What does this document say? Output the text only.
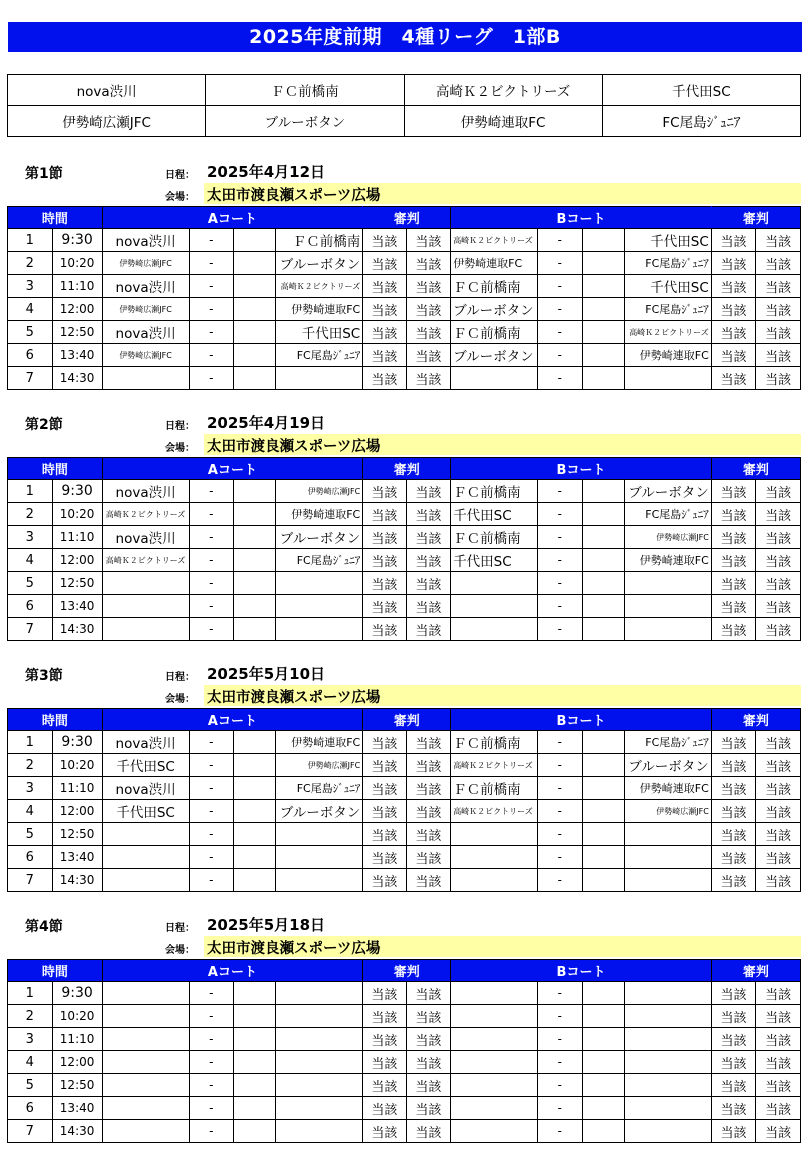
2025年度前期　4種リーグ　1部B
nova渋川	ＦＣ前橋南	高崎Ｋ２ビクトリーズ	千代田SC
伊勢崎広瀬JFC	ブルーボタン	伊勢崎連取FC	FC尾島ｼﾞｭﾆｱ
第1節	日程： 2025年4月12日
会場： 太田市渡良瀬スポーツ広場
時間		Aコート				審判		Bコート				審判	
1	9:30	nova渋川	-		ＦＣ前橋南	当該	当該	高崎Ｋ２ビクトリーズ	-		千代田SC	当該	当該
2	10:20	伊勢崎広瀬JFC	-		ブルーボタン	当該	当該	伊勢崎連取FC	-		FC尾島ｼﾞｭﾆｱ	当該	当該
3	11:10	nova渋川	-		高崎Ｋ２ビクトリーズ	当該	当該	ＦＣ前橋南	-		千代田SC	当該	当該
4	12:00	伊勢崎広瀬JFC	-		伊勢崎連取FC	当該	当該	ブルーボタン	-		FC尾島ｼﾞｭﾆｱ	当該	当該
5	12:50	nova渋川	-		千代田SC	当該	当該	ＦＣ前橋南	-		高崎Ｋ２ビクトリーズ	当該	当該
6	13:40	伊勢崎広瀬JFC	-		FC尾島ｼﾞｭﾆｱ	当該	当該	ブルーボタン	-		伊勢崎連取FC	当該	当該
7	14:30		-			当該	当該		-			当該	当該
第2節	日程： 2025年4月19日
会場： 太田市渡良瀬スポーツ広場
時間		Aコート				審判		Bコート				審判	
1	9:30	nova渋川	-		伊勢崎広瀬JFC	当該	当該	ＦＣ前橋南	-		ブルーボタン	当該	当該
2	10:20	高崎Ｋ２ビクトリーズ	-		伊勢崎連取FC	当該	当該	千代田SC	-		FC尾島ｼﾞｭﾆｱ	当該	当該
3	11:10	nova渋川	-		ブルーボタン	当該	当該	ＦＣ前橋南	-		伊勢崎広瀬JFC	当該	当該
4	12:00	高崎Ｋ２ビクトリーズ	-		FC尾島ｼﾞｭﾆｱ	当該	当該	千代田SC	-		伊勢崎連取FC	当該	当該
5	12:50		-			当該	当該		-			当該	当該
6	13:40		-			当該	当該		-			当該	当該
7	14:30		-			当該	当該		-			当該	当該
第3節	日程： 2025年5月10日
会場： 太田市渡良瀬スポーツ広場
時間		Aコート				審判		Bコート				審判	
1	9:30	nova渋川	-		伊勢崎連取FC	当該	当該	ＦＣ前橋南	-		FC尾島ｼﾞｭﾆｱ	当該	当該
2	10:20	千代田SC	-		伊勢崎広瀬JFC	当該	当該	高崎Ｋ２ビクトリーズ	-		ブルーボタン	当該	当該
3	11:10	nova渋川	-		FC尾島ｼﾞｭﾆｱ	当該	当該	ＦＣ前橋南	-		伊勢崎連取FC	当該	当該
4	12:00	千代田SC	-		ブルーボタン	当該	当該	高崎Ｋ２ビクトリーズ	-		伊勢崎広瀬JFC	当該	当該
5	12:50		-			当該	当該		-			当該	当該
6	13:40		-			当該	当該		-			当該	当該
7	14:30		-			当該	当該		-			当該	当該
第4節	日程： 2025年5月18日
会場： 太田市渡良瀬スポーツ広場
時間		Aコート				審判		Bコート				審判	
1	9:30		-			当該	当該		-			当該	当該
2	10:20		-			当該	当該		-			当該	当該
3	11:10		-			当該	当該		-			当該	当該
4	12:00		-			当該	当該		-			当該	当該
5	12:50		-			当該	当該		-			当該	当該
6	13:40		-			当該	当該		-			当該	当該
7	14:30		-			当該	当該		-			当該	当該
